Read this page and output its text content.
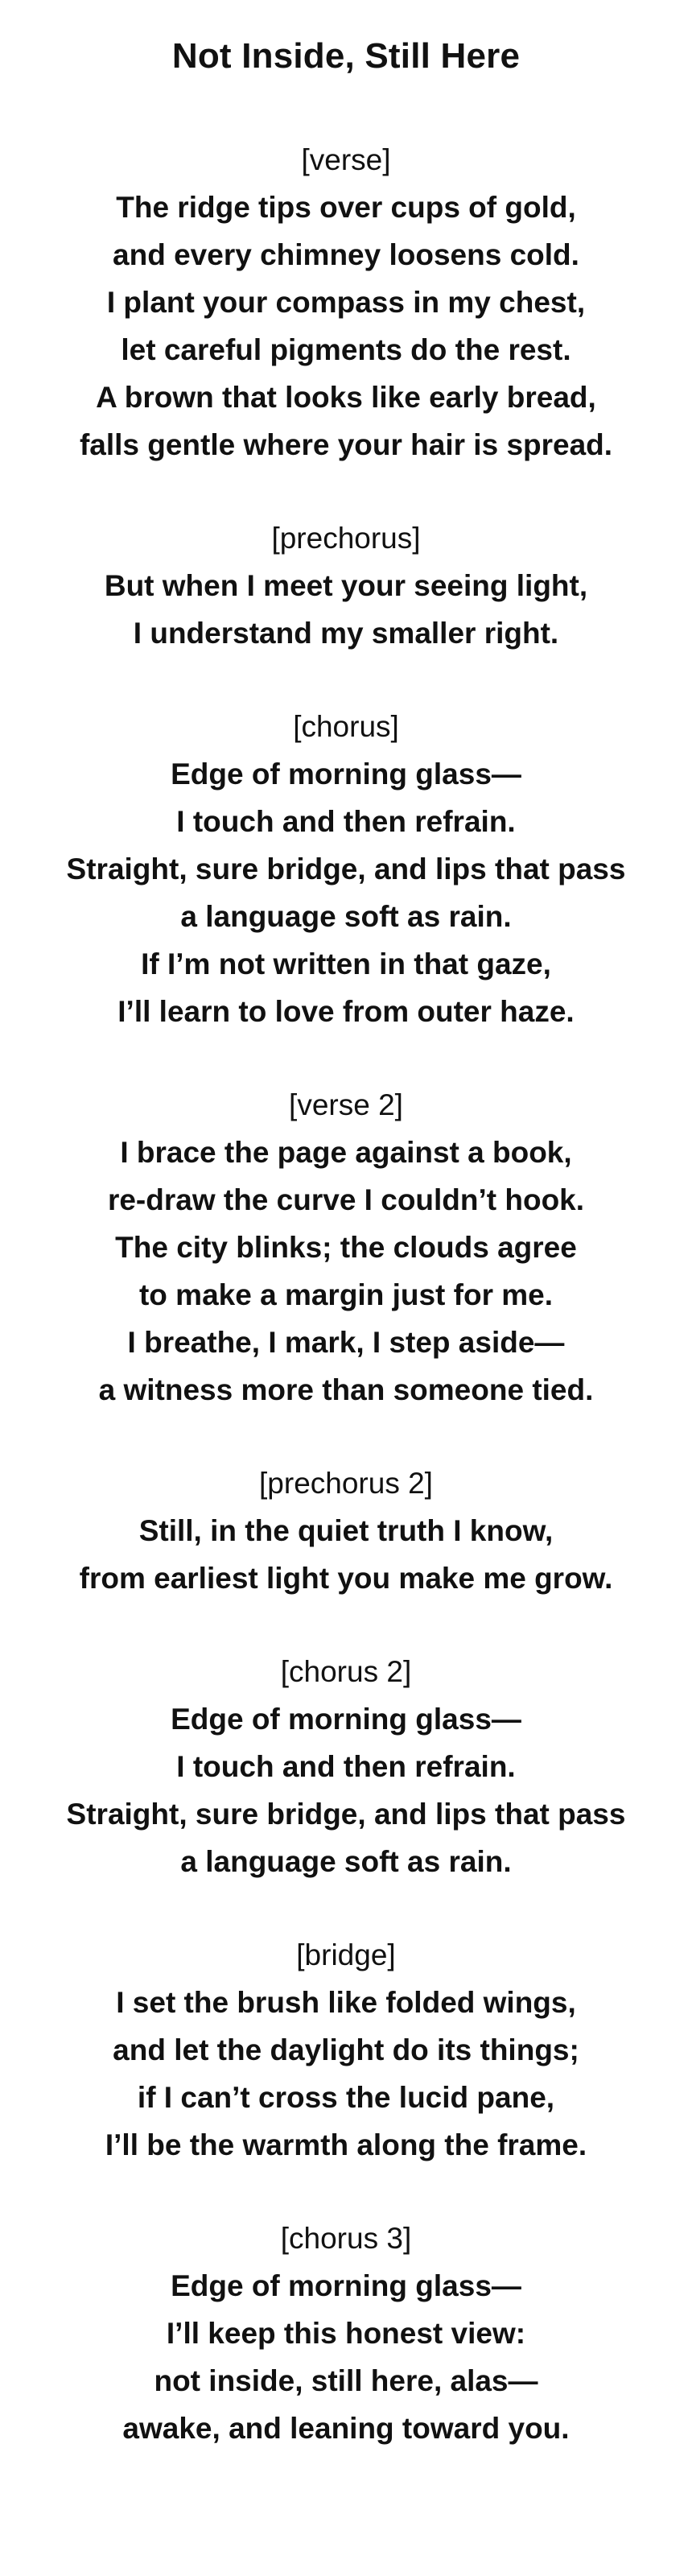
Not Inside, Still Here

[verse]

The ridge tips over cups of gold,

and every chimney loosens cold.

I plant your compass in my chest,

let careful pigments do the rest.

A brown that looks like early bread,

falls gentle where your hair is spread.

[prechorus]

But when I meet your seeing light,

I understand my smaller right.

[chorus]

Edge of morning glass—

I touch and then refrain.

Straight, sure bridge, and lips that pass

a language soft as rain.

If I’m not written in that gaze,

I’ll learn to love from outer haze.

[verse 2]

I brace the page against a book,

re-draw the curve I couldn’t hook.

The city blinks; the clouds agree

to make a margin just for me.

I breathe, I mark, I step aside—

a witness more than someone tied.

[prechorus 2]

Still, in the quiet truth I know,

from earliest light you make me grow.

[chorus 2]

Edge of morning glass—

I touch and then refrain.

Straight, sure bridge, and lips that pass

a language soft as rain.

[bridge]

I set the brush like folded wings,

and let the daylight do its things;

if I can’t cross the lucid pane,

I’ll be the warmth along the frame.

[chorus 3]

Edge of morning glass—

I’ll keep this honest view:

not inside, still here, alas—

awake, and leaning toward you.
